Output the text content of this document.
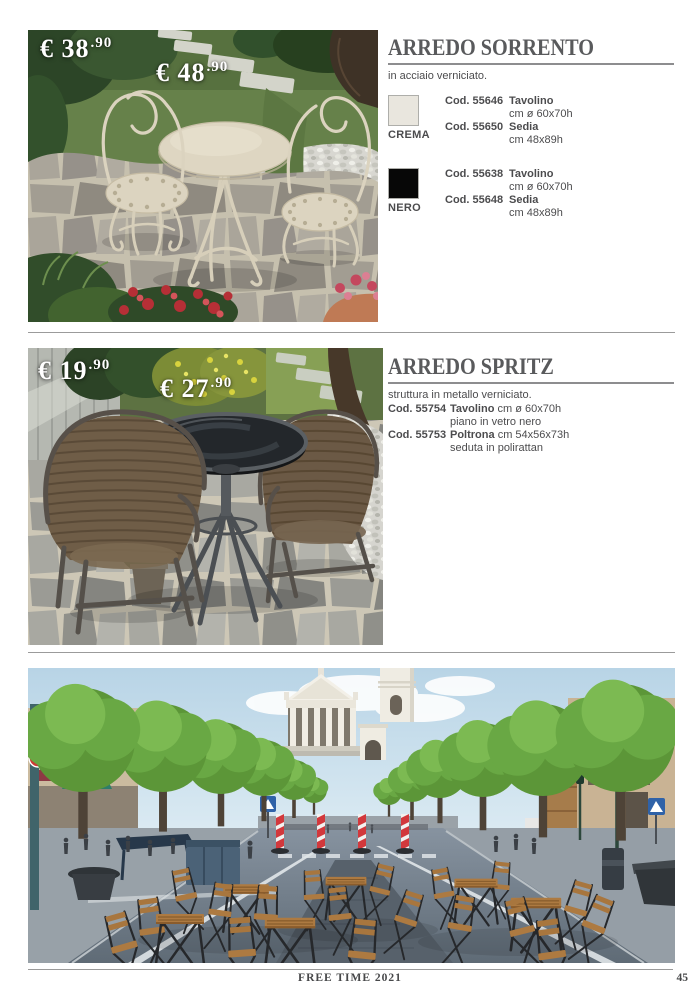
€ $38^{.90}$
€ $48^{.90}$
ARREDO SORRENTO
in acciaio verniciato.
CREMA
Cod. 55646 Tavolino
cm ø 60x70h
Cod. 55650 Sedia
cm 48x89h
NERO
Cod. 55638 Tavolino
cm ø 60x70h
Cod. 55648 Sedia
cm 48x89h
€ $19^{.90}$
€ $27^{.90}$
ARREDO SPRITZ
struttura in metallo verniciato.
Cod. 55754 Tavolino cm ø 60x70h
piano in vetro nero
Cod. 55753 Poltrona cm 54x56x73h
seduta in polirattan
FREE TIME 2021	45
